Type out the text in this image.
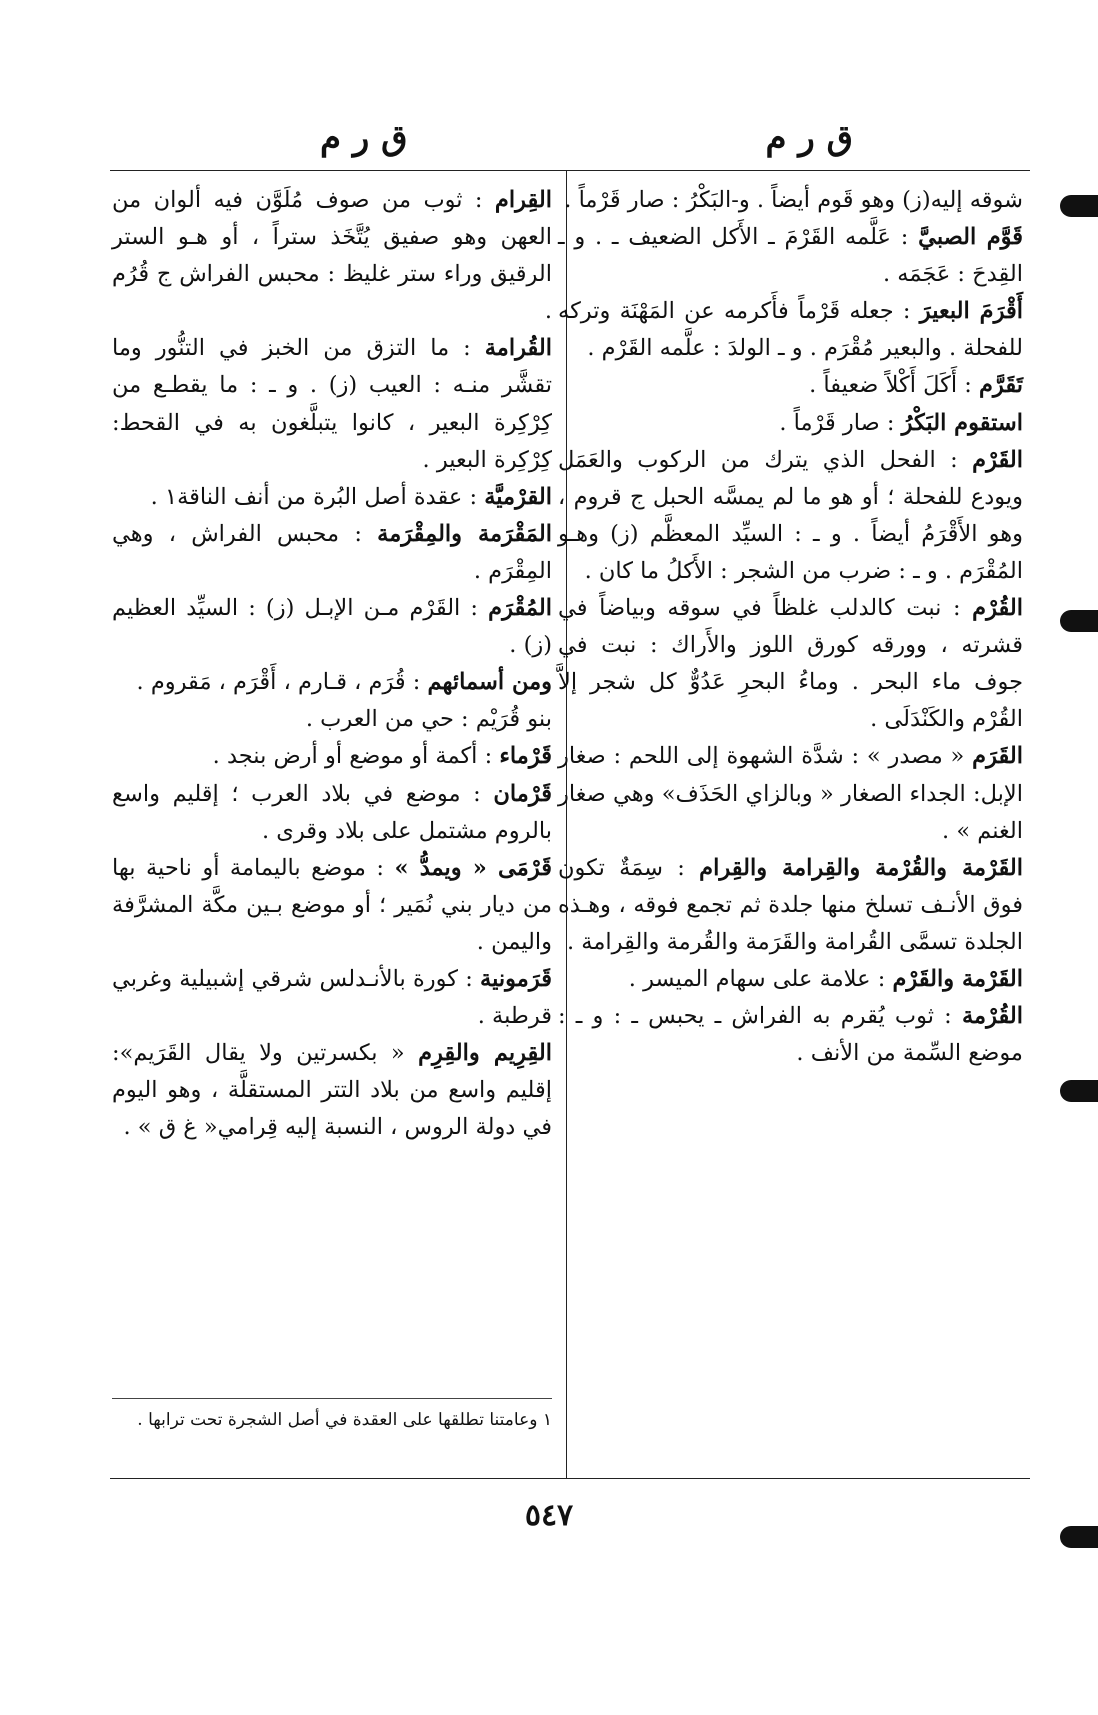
ق ر م
ق ر م

شوقه إليه(ز) وهو قَوم أيضاً . و-البَكْرُ : صار قَرْماً .

قَوَّم الصبيَّ : عَلَّمه القَرْمَ ـ الأَكل الضعيف ـ . و ـ القِدحَ : عَجَمَه .

أَقْرَمَ البعيرَ : جعله قَرْماً فأَكرمه عن المَهْنَة وتركه للفحلة . والبعير مُقْرَم . و ـ الولدَ : علَّمه القَرْم .

تَقَرَّم : أَكَلَ أَكْلاً ضعيفاً .

استقوم البَكْرُ : صار قَرْماً .

القَرْم : الفحل الذي يترك من الركوب والعَمَل ويودع للفحلة ؛ أو هو ما لم يمسَّه الحبل ج قروم ، وهو الأَقْرَمُ أيضاً . و ـ : السيِّد المعظَّم (ز) وهـو المُقْرَم . و ـ : ضرب من الشجر : الأَكلُ ما كان .

القُرْم : نبت كالدلب غلظاً في سوقه وبياضاً في قشرته ، وورقه كورق اللوز والأَراك : نبت في جوف ماء البحر . وماءُ البحرِ عَدُوٌّ كل شجر إلاَّ القُرْم والكَنْدَلَى .

القَرَم « مصدر » : شدَّة الشهوة إلى اللحم : صغار الإبل: الجداء الصغار « وبالزاي الحَذَف» وهي صغار الغنم » .

القَرْمة والقُرْمة والقِرامة والقِرام : سِمَةٌ تكون فوق الأنـف تسلخ منها جلدة ثم تجمع فوقه ، وهـذه الجلدة تسمَّى القُرامة والقَرَمة والقُرمة والقِرامة .

القَرْمة والقَرْم : علامة على سهام الميسر .

القُرْمة : ثوب يُقرم به الفراش ـ يحبس ـ : و ـ : موضع السِّمة من الأنف .

القِرام : ثوب من صوف مُلَوَّن فيه ألوان من العهن وهو صفيق يُتَّخَذ ستراً ، أو هـو الستر الرقيق وراء ستر غليظ : محبس الفراش ج قُرُم .

القُرامة : ما التزق من الخبز في التنُّور وما تقشَّر منـه : العيب (ز) . و ـ : ما يقطـع من كِرْكِرة البعير ، كانوا يتبلَّغون به في القحط: كِرْكِرة البعير .

القرْميَّة : عقدة أصل البُرة من أنف الناقة١ .

المَقْرَمة والمِقْرَمة : محبس الفراش ، وهي المِقْرَم .

المُقْرَم : القَرْم مـن الإبـل (ز) : السيِّد العظيم (ز) .

ومن أسمائهم : قُرَم ، قـارم ، أَقْرَم ، مَقروم .

بنو قُرَيْم : حي من العرب .

قَرْماء : أكمة أو موضع أو أرض بنجد .

قَرْمان : موضع في بلاد العرب ؛ إقليم واسع بالروم مشتمل على بلاد وقرى .

قَرْمَى « ويمدُّ » : موضع باليمامة أو ناحية بها من ديار بني نُمَير ؛ أو موضع بـين مكَّة المشرَّفة واليمن .

قَرَمونية : كورة بالأنـدلس شرقي إشبيلية وغربي قرطبة .

القِرِيم والقِرِم « بكسرتين ولا يقال القَرَيم»: إقليم واسع من بلاد التتر المستقلَّة ، وهو اليوم في دولة الروس ، النسبة إليه قِرامي« غ ق » .

١ وعامتنا تطلقها على العقدة في أصل الشجرة تحت ترابها .
٥٤٧
